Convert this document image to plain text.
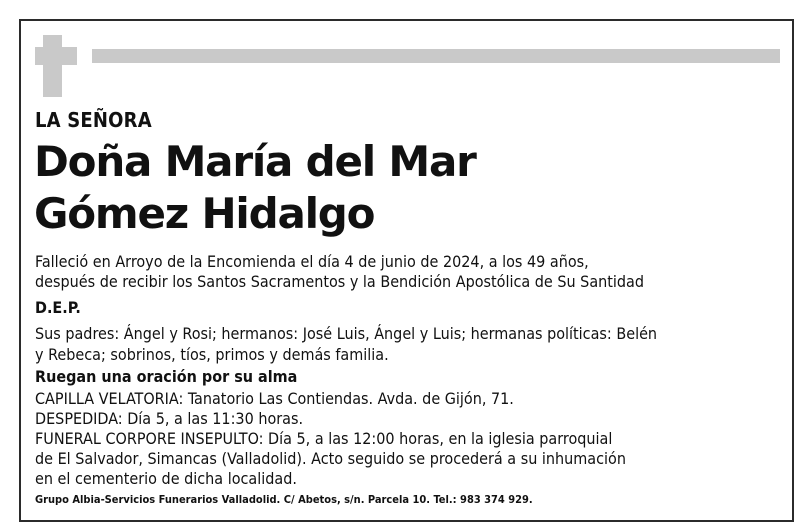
LA SEÑORA

Doña María del Mar
Gómez Hidalgo

Falleció en Arroyo de la Encomienda el día 4 de junio de 2024, a los 49 años,

después de recibir los Santos Sacramentos y la Bendición Apostólica de Su Santidad

D.E.P.

Sus padres: Ángel y Rosi; hermanos: José Luis, Ángel y Luis; hermanas políticas: Belén

y Rebeca; sobrinos, tíos, primos y demás familia.

Ruegan una oración por su alma

CAPILLA VELATORIA: Tanatorio Las Contiendas. Avda. de Gijón, 71.

DESPEDIDA: Día 5, a las 11:30 horas.

FUNERAL CORPORE INSEPULTO: Día 5, a las 12:00 horas, en la iglesia parroquial

de El Salvador, Simancas (Valladolid). Acto seguido se procederá a su inhumación

en el cementerio de dicha localidad.

Grupo Albia-Servicios Funerarios Valladolid. C/ Abetos, s/n. Parcela 10. Tel.: 983 374 929.
